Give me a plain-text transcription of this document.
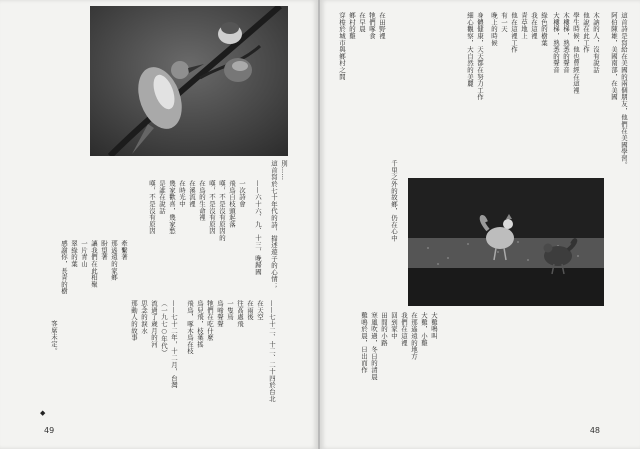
別……
這首寫於七十年代的詩，描述遊子的心情；
——六十六、九、十三，晚歸國
一次詩會
飛鳥自枝頭起落
嘆，不是沒有原因的
嘆，不是沒有原因
在鳥的生命裡
在溪流裡
在時光中
幾家歡喜，幾家愁
是誰在說話
嘆，不是沒有原因
感謝你，長青的樹 翠綠的葉 一片青山 讓我們在此相聚 盼望著 那遙遠的家鄉 牽繫著
那動人的故事 思念的淚水 流過了歲月的河 （一九七○年代） ——七十二年，十二月，台灣
客席未定。	飛鳥，啄木鳥在枝 鳥兒飛，枝葉搖 牠們在吃什麼 鳥啼聲聲 一隻鳥 往高處飛 在雨後 在天空 ——七十二、十二、二十四於台北
◆
49

這首詩是寫給在美國的兩個朋友，他們在美國學習。
阿伯陳雄，美國南部，在美國
木訥的人，沒有說話
他說在此工作
學生時候，他也曾經在這裡
木樓梯，熟悉的聲音
大樓梯，熟悉的聲音
綠色的樹葉
我在這裡
青草地上
他在這裡工作
有一天
晚上的時候
身體健康，天天都在努力工作
細心觀察，大自然的美麗
穿梭於城市與鄉村之間 鄉村的雞 在早晨 牠們啄食 在田野裡
千里之外的故鄉，仍在心中
雞鳴於晨，日出而作 寒風吹過，冬日的清晨 田間的小路 回到家中 我們在這裡 在那遙遠的地方 大雞，小雞 大雞鳴叫
48
